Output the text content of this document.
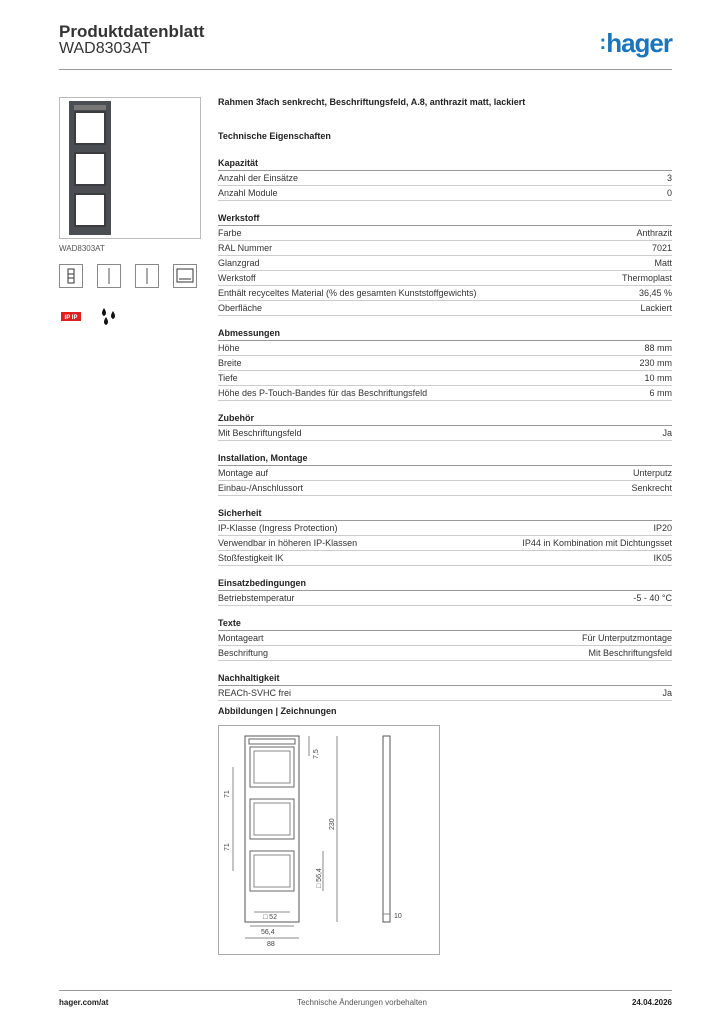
Produktdatenblatt
WAD8303AT	:hager
WAD8303AT
IP IP
Rahmen 3fach senkrecht, Beschriftungsfeld, A.8, anthrazit matt, lackiert
Technische Eigenschaften
Kapazität
Anzahl der Einsätze	3
Anzahl Module	0
Werkstoff
Farbe	Anthrazit
RAL Nummer	7021
Glanzgrad	Matt
Werkstoff	Thermoplast
Enthält recyceltes Material (% des gesamten Kunststoffgewichts)	36,45 %
Oberfläche	Lackiert
Abmessungen
Höhe	88 mm
Breite	230 mm
Tiefe	10 mm
Höhe des P-Touch-Bandes für das Beschriftungsfeld	6 mm
Zubehör
Mit Beschriftungsfeld	Ja
Installation, Montage
Montage auf	Unterputz
Einbau-/Anschlussort	Senkrecht
Sicherheit
IP-Klasse (Ingress Protection)	IP20
Verwendbar in höheren IP-Klassen	IP44 in Kombination mit Dichtungsset
Stoßfestigkeit IK	IK05
Einsatzbedingungen
Betriebstemperatur	-5 - 40 °C
Texte
Montageart	Für Unterputzmontage
Beschriftung	Mit Beschriftungsfeld
Nachhaltigkeit
REACh-SVHC frei	Ja
Abbildungen | Zeichnungen
71
71
7,5
230
□ 56,4
□ 52
56,4
88
10
hager.com/at	Technische Änderungen vorbehalten	24.04.2026
